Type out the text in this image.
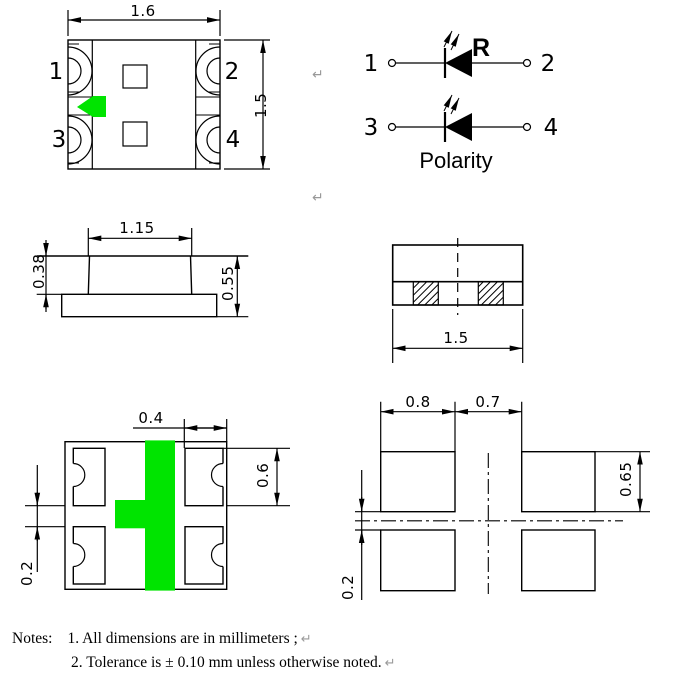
1.6
1	2
3	4
1.5
1	2
R
3	4
Polarity
1.15
0.38	0.55
1.5
0.4
0.6
0.2
0.8	0.7
0.65
0.2
↵
↵
Notes: 1. All dimensions are in millimeters ; ↵
2. Tolerance is ± 0.10 mm unless otherwise noted. ↵
